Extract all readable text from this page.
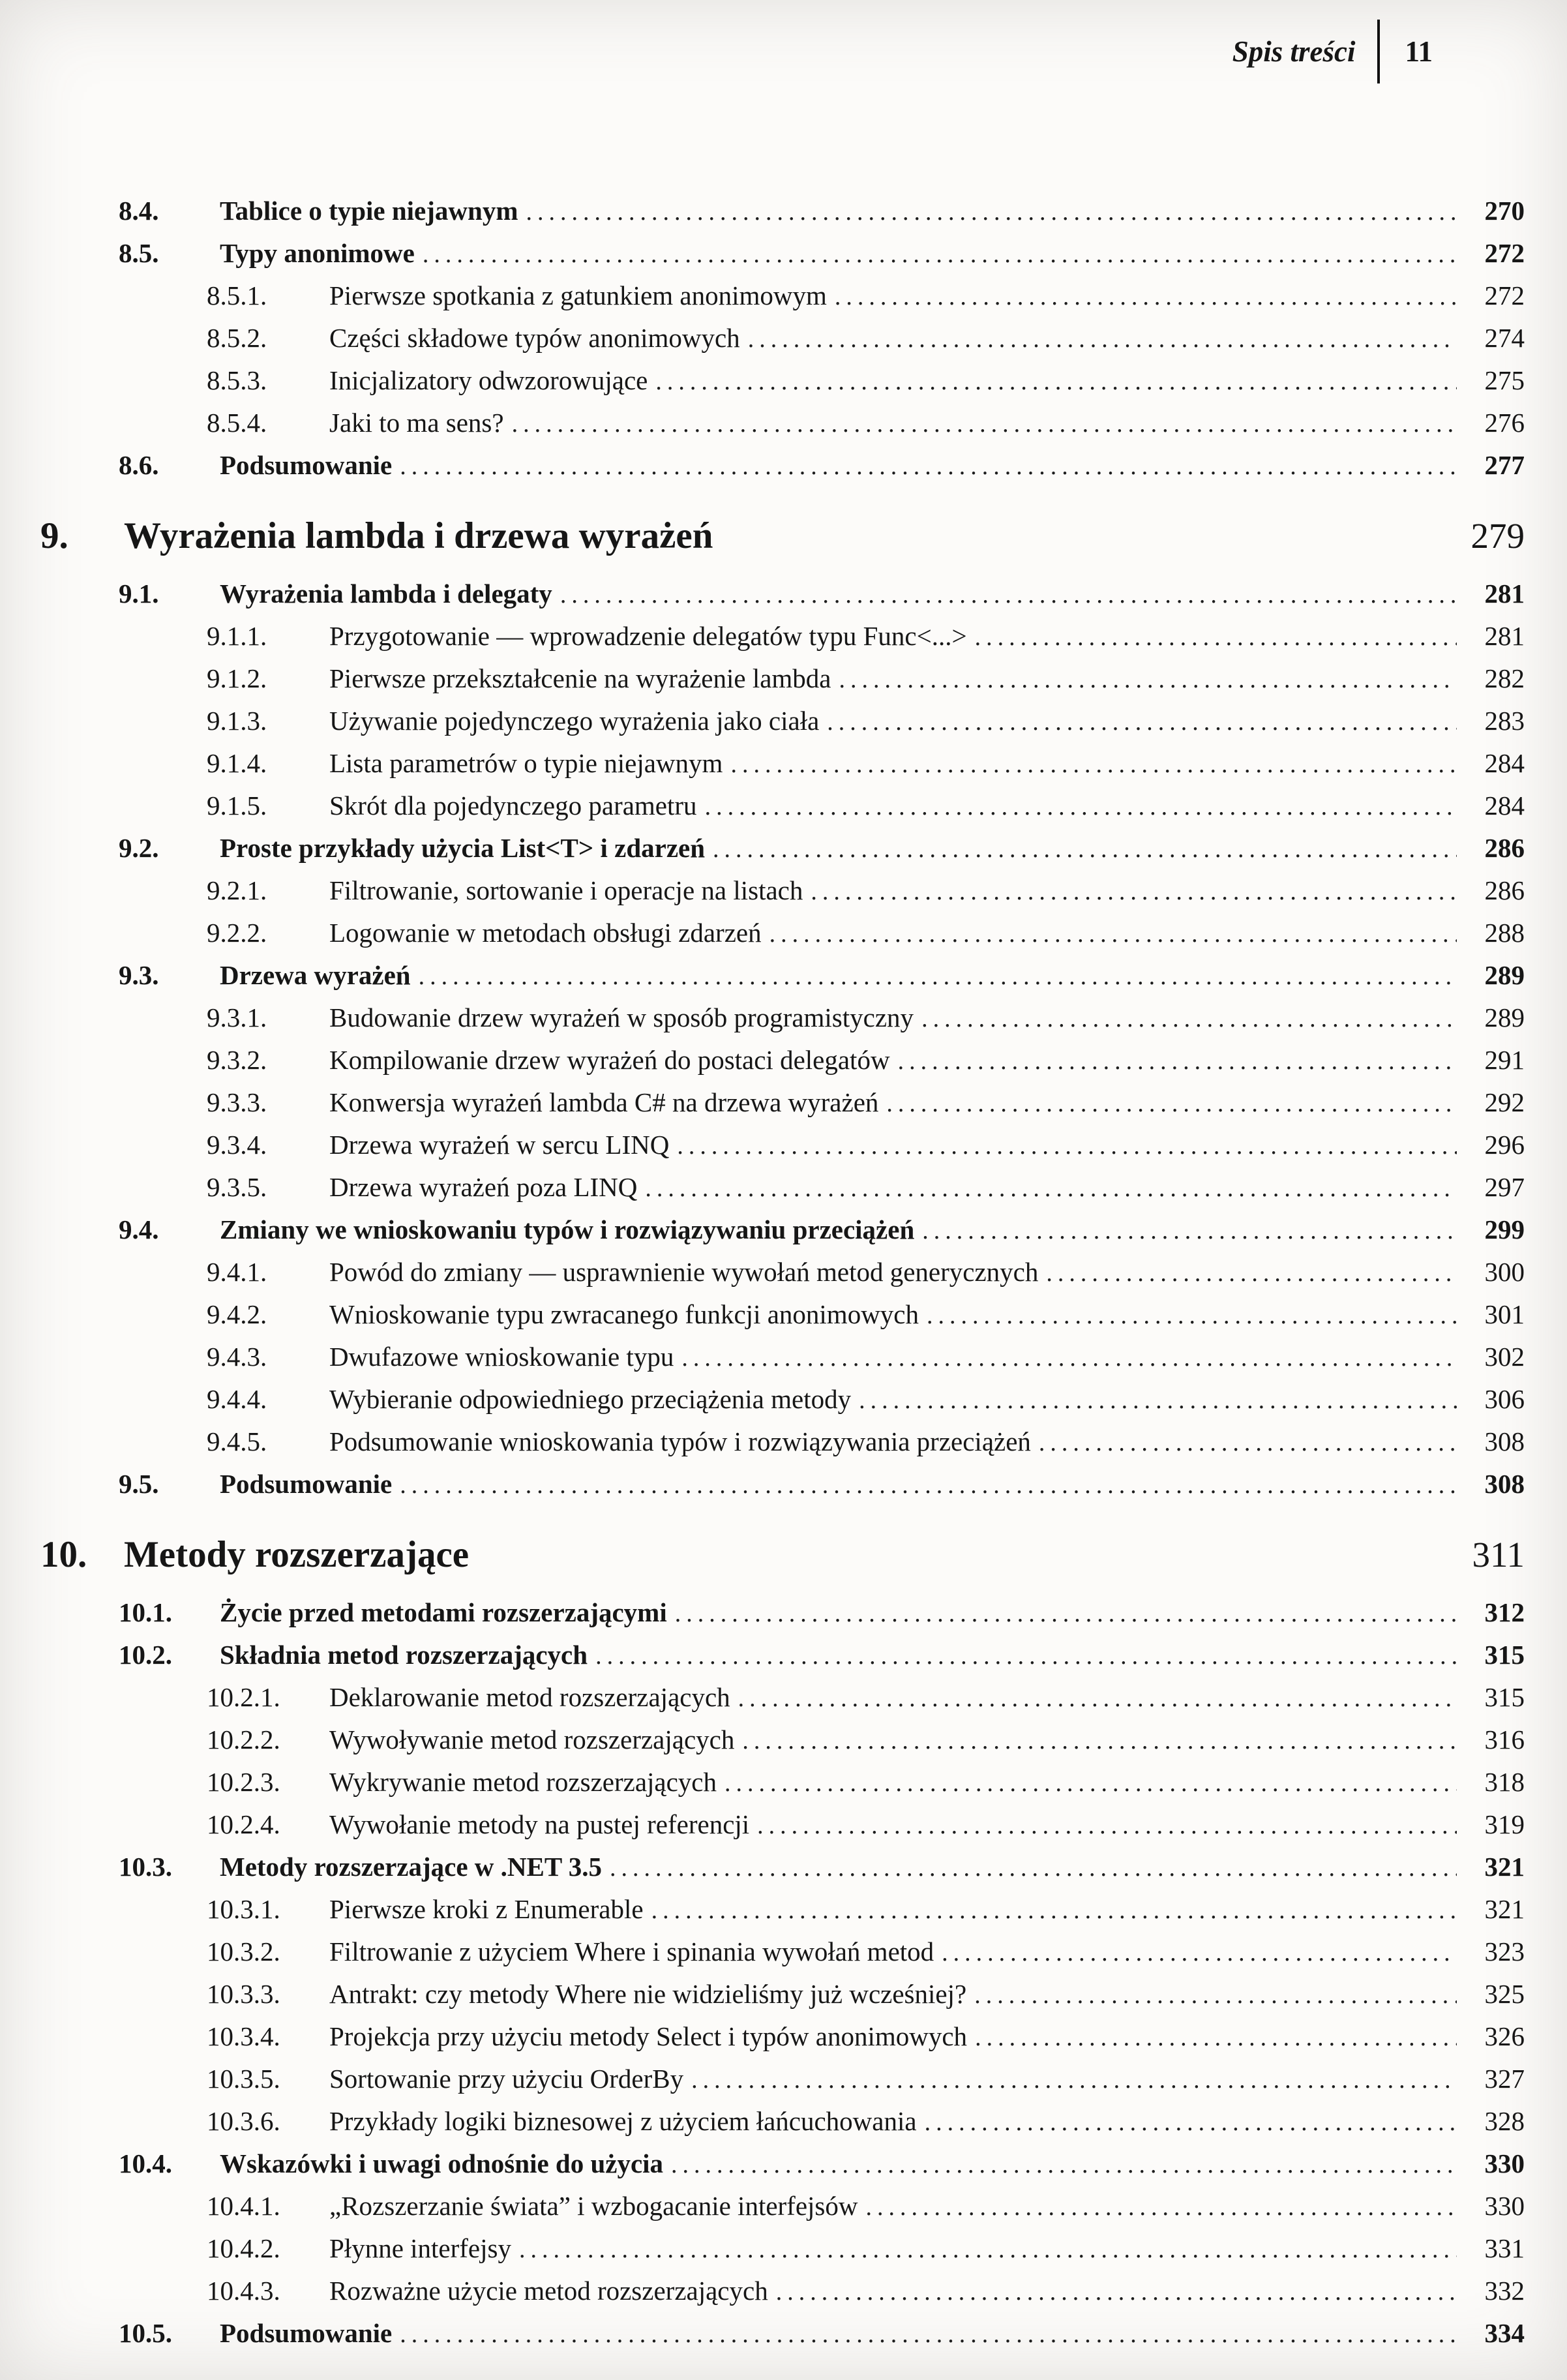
Spis treści	11
8.4.	Tablice o typie niejawnym .....	270
8.5.	Typy anonimowe .....	272
8.5.1.	Pierwsze spotkania z gatunkiem anonimowym .....	272
8.5.2.	Części składowe typów anonimowych .....	274
8.5.3.	Inicjalizatory odwzorowujące .....	275
8.5.4.	Jaki to ma sens? .....	276
8.6.	Podsumowanie .....	277
9.	Wyrażenia lambda i drzewa wyrażeń	279
9.1.	Wyrażenia lambda i delegaty .....	281
9.1.1.	Przygotowanie — wprowadzenie delegatów typu Func<...> .....	281
9.1.2.	Pierwsze przekształcenie na wyrażenie lambda .....	282
9.1.3.	Używanie pojedynczego wyrażenia jako ciała .....	283
9.1.4.	Lista parametrów o typie niejawnym .....	284
9.1.5.	Skrót dla pojedynczego parametru .....	284
9.2.	Proste przykłady użycia List<T> i zdarzeń .....	286
9.2.1.	Filtrowanie, sortowanie i operacje na listach .....	286
9.2.2.	Logowanie w metodach obsługi zdarzeń .....	288
9.3.	Drzewa wyrażeń .....	289
9.3.1.	Budowanie drzew wyrażeń w sposób programistyczny .....	289
9.3.2.	Kompilowanie drzew wyrażeń do postaci delegatów .....	291
9.3.3.	Konwersja wyrażeń lambda C# na drzewa wyrażeń .....	292
9.3.4.	Drzewa wyrażeń w sercu LINQ .....	296
9.3.5.	Drzewa wyrażeń poza LINQ .....	297
9.4.	Zmiany we wnioskowaniu typów i rozwiązywaniu przeciążeń .....	299
9.4.1.	Powód do zmiany — usprawnienie wywołań metod generycznych .....	300
9.4.2.	Wnioskowanie typu zwracanego funkcji anonimowych .....	301
9.4.3.	Dwufazowe wnioskowanie typu .....	302
9.4.4.	Wybieranie odpowiedniego przeciążenia metody .....	306
9.4.5.	Podsumowanie wnioskowania typów i rozwiązywania przeciążeń .....	308
9.5.	Podsumowanie .....	308
10. Metody rozszerzające	311
10.1.	Życie przed metodami rozszerzającymi .....	312
10.2.	Składnia metod rozszerzających .....	315
10.2.1.	Deklarowanie metod rozszerzających .....	315
10.2.2.	Wywoływanie metod rozszerzających .....	316
10.2.3.	Wykrywanie metod rozszerzających .....	318
10.2.4.	Wywołanie metody na pustej referencji .....	319
10.3.	Metody rozszerzające w .NET 3.5 .....	321
10.3.1.	Pierwsze kroki z Enumerable .....	321
10.3.2.	Filtrowanie z użyciem Where i spinania wywołań metod .....	323
10.3.3.	Antrakt: czy metody Where nie widzieliśmy już wcześniej? .....	325
10.3.4.	Projekcja przy użyciu metody Select i typów anonimowych .....	326
10.3.5.	Sortowanie przy użyciu OrderBy .....	327
10.3.6.	Przykłady logiki biznesowej z użyciem łańcuchowania .....	328
10.4.	Wskazówki i uwagi odnośnie do użycia .....	330
10.4.1.	„Rozszerzanie świata” i wzbogacanie interfejsów .....	330
10.4.2.	Płynne interfejsy .....	331
10.4.3.	Rozważne użycie metod rozszerzających .....	332
10.5.	Podsumowanie .....	334
